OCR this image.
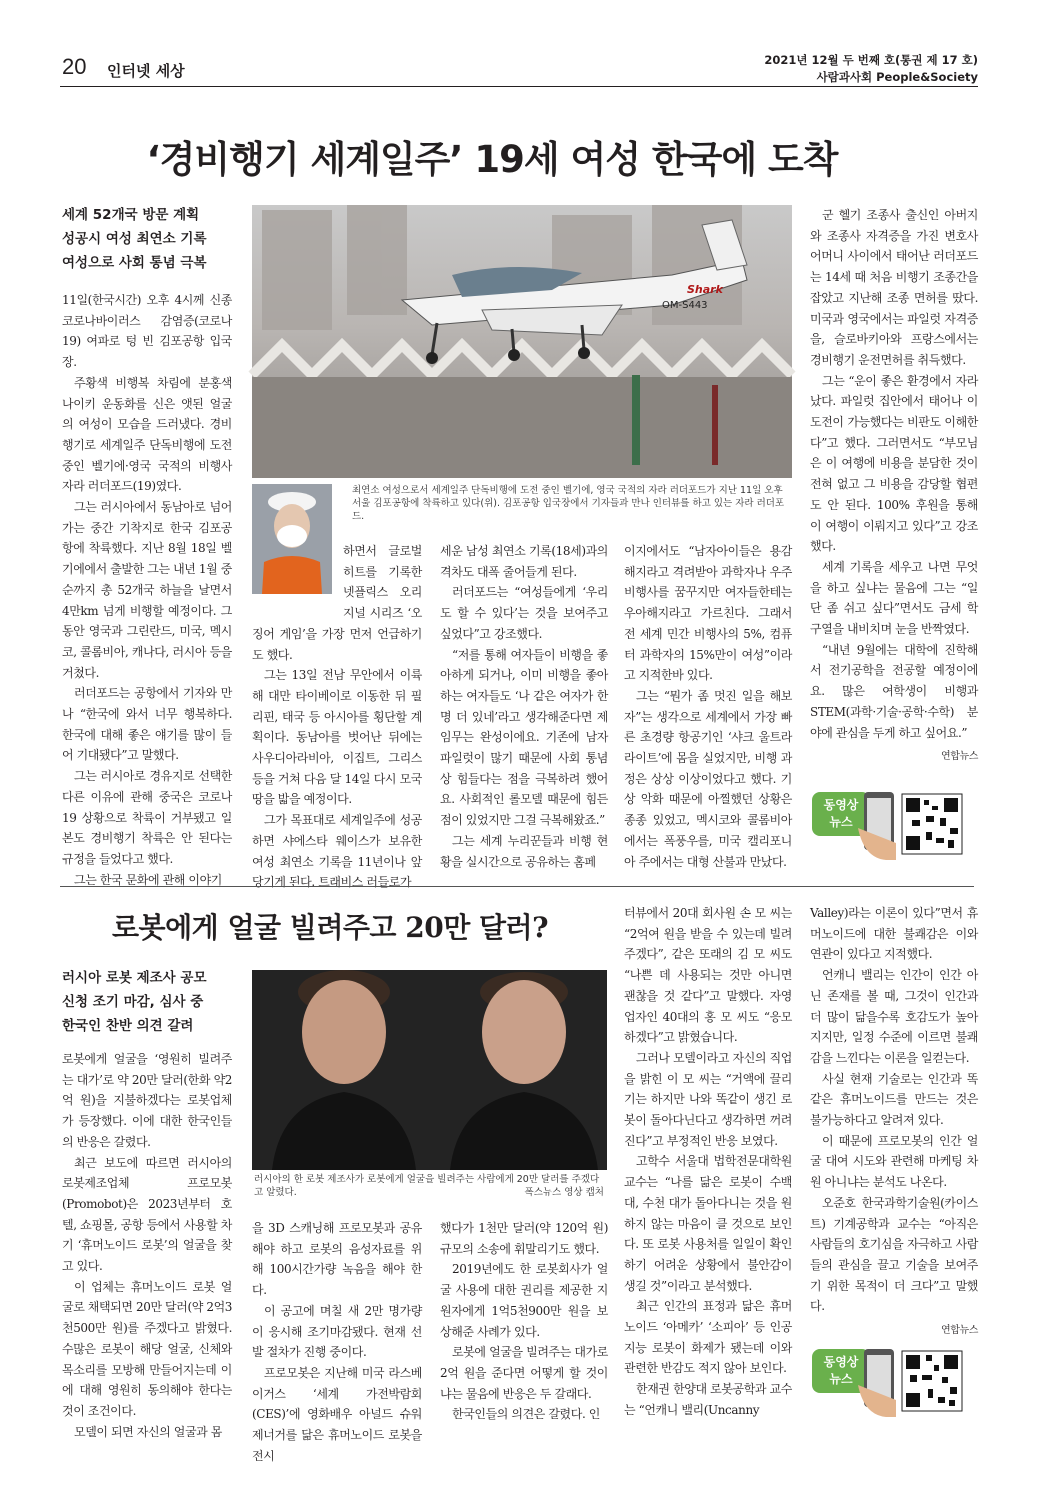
20 인터넷 세상
2021년 12월 두 번째 호(통권 제 17 호)
사람과사회 People&Society
‘경비행기 세계일주’ 19세 여성 한국에 도착
세계 52개국 방문 계획
성공시 여성 최연소 기록
여성으로 사회 통념 극복

11일(한국시간) 오후 4시께 신종 코로나바이러스 감염증(코로나19) 여파로 텅 빈 김포공항 입국장.

주황색 비행복 차림에 분홍색 나이키 운동화를 신은 앳된 얼굴의 여성이 모습을 드러냈다. 경비행기로 세계일주 단독비행에 도전 중인 벨기에·영국 국적의 비행사 자라 러더포드(19)였다.

그는 러시아에서 동남아로 넘어가는 중간 기착지로 한국 김포공항에 착륙했다. 지난 8월 18일 벨기에에서 출발한 그는 내년 1월 중순까지 총 52개국 하늘을 날면서 4만km 넘게 비행할 예정이다. 그동안 영국과 그린란드, 미국, 멕시코, 콜롬비아, 캐나다, 러시아 등을 거쳤다.

러더포드는 공항에서 기자와 만나 “한국에 와서 너무 행복하다. 한국에 대해 좋은 얘기를 많이 들어 기대됐다”고 말했다.

그는 러시아로 경유지로 선택한 다른 이유에 관해 중국은 코로나19 상황으로 착륙이 거부됐고 일본도 경비행기 착륙은 안 된다는 규정을 들었다고 했다.

그는 한국 문화에 관해 이야기

Shark
OM-S443
최연소 여성으로서 세계일주 단독비행에 도전 중인 벨기에, 영국 국적의 자라 러더포드가 지난 11일 오후 서울 김포공항에 착륙하고 있다(위). 김포공항 입국장에서 기자들과 만나 인터뷰를 하고 있는 자라 러더포드.

하면서 글로벌 히트를 기록한 넷플릭스 오리지널 시리즈 ‘오징어 게임’을 가장 먼저 언급하기도 했다.

그는 13일 전남 무안에서 이륙해 대만 타이베이로 이동한 뒤 필리핀, 태국 등 아시아를 횡단할 계획이다. 동남아를 벗어난 뒤에는 사우디아라비아, 이집트, 그리스 등을 거쳐 다음 달 14일 다시 모국 땅을 밟을 예정이다.

그가 목표대로 세계일주에 성공하면 샤에스타 웨이스가 보유한 여성 최연소 기록을 11년이나 앞당기게 된다. 트래비스 러들로가

세운 남성 최연소 기록(18세)과의 격차도 대폭 줄어들게 된다.

러더포드는 “여성들에게 ‘우리도 할 수 있다’는 것을 보여주고 싶었다”고 강조했다.

“저를 통해 여자들이 비행을 좋아하게 되거나, 이미 비행을 좋아하는 여자들도 ‘나 같은 여자가 한 명 더 있네’라고 생각해준다면 제 임무는 완성이에요. 기존에 남자 파일럿이 많기 때문에 사회 통념상 힘들다는 점을 극복하려 했어요. 사회적인 롤모델 때문에 힘든 점이 있었지만 그걸 극복해왔죠.”

그는 세계 누리꾼들과 비행 현황을 실시간으로 공유하는 홈페

이지에서도 “남자아이들은 용감해지라고 격려받아 과학자나 우주 비행사를 꿈꾸지만 여자들한테는 우아해지라고 가르친다. 그래서 전 세계 민간 비행사의 5%, 컴퓨터 과학자의 15%만이 여성”이라고 지적한바 있다.

그는 “뭔가 좀 멋진 일을 해보자”는 생각으로 세계에서 가장 빠른 초경량 항공기인 ‘샤크 울트라라이트’에 몸을 실었지만, 비행 과정은 상상 이상이었다고 했다. 기상 악화 때문에 아찔했던 상황은 종종 있었고, 멕시코와 콜롬비아에서는 폭풍우를, 미국 캘리포니아 주에서는 대형 산불과 만났다.

군 헬기 조종사 출신인 아버지와 조종사 자격증을 가진 변호사 어머니 사이에서 태어난 러더포드는 14세 때 처음 비행기 조종간을 잡았고 지난해 조종 면허를 땄다. 미국과 영국에서는 파일럿 자격증을, 슬로바키아와 프랑스에서는 경비행기 운전면허를 취득했다.

그는 “운이 좋은 환경에서 자라났다. 파일럿 집안에서 태어나 이 도전이 가능했다는 비판도 이해한다”고 했다. 그러면서도 “부모님은 이 여행에 비용을 분담한 것이 전혀 없고 그 비용을 감당할 협편도 안 된다. 100% 후원을 통해 이 여행이 이뤄지고 있다”고 강조했다.

세계 기록을 세우고 나면 무엇을 하고 싶냐는 물음에 그는 “일단 좀 쉬고 싶다”면서도 금세 학구열을 내비치며 눈을 반짝였다.

“내년 9월에는 대학에 진학해서 전기공학을 전공할 예정이에요. 많은 여학생이 비행과 STEM(과학·기술·공학·수학) 분야에 관심을 두게 하고 싶어요.”

연합뉴스
동영상
뉴스
로봇에게 얼굴 빌려주고 20만 달러?
러시아 로봇 제조사 공모
신청 조기 마감, 심사 중
한국인 찬반 의견 갈려

로봇에게 얼굴을 ‘영원히 빌려주는 대가’로 약 20만 달러(한화 약2억 원)을 지불하겠다는 로봇업체가 등장했다. 이에 대한 한국인들의 반응은 갈렸다.

최근 보도에 따르면 러시아의 로봇제조업체 프로모봇(Promobot)은 2023년부터 호텔, 쇼핑몰, 공항 등에서 사용할 차기 ‘휴머노이드 로봇’의 얼굴을 찾고 있다.

이 업체는 휴머노이드 로봇 얼굴로 채택되면 20만 달러(약 2억3천500만 원)를 주겠다고 밝혔다. 수많은 로봇이 해당 얼굴, 신체와 목소리를 모방해 만들어지는데 이에 대해 영원히 동의해야 한다는 것이 조건이다.

모델이 되면 자신의 얼굴과 몸

러시아의 한 로봇 제조사가 로봇에게 얼굴을 빌려주는 사람에게 20만 달러를 주겠다고 알렸다.	폭스뉴스 영상 캡처

을 3D 스캐닝해 프로모봇과 공유해야 하고 로봇의 음성자료를 위해 100시간가량 녹음을 해야 한다.

이 공고에 며칠 새 2만 명가량이 응시해 조기마감됐다. 현재 선발 절차가 진행 중이다.

프로모봇은 지난해 미국 라스베이거스 ‘세계 가전박람회(CES)’에 영화배우 아널드 슈워제너거를 닮은 휴머노이드 로봇을 전시

했다가 1천만 달러(약 120억 원) 규모의 소송에 휘말리기도 했다.

2019년에도 한 로봇회사가 얼굴 사용에 대한 권리를 제공한 지원자에게 1억5천900만 원을 보상해준 사례가 있다.

로봇에 얼굴을 빌려주는 대가로 2억 원을 준다면 어떻게 할 것이냐는 물음에 반응은 두 갈래다.

한국인들의 의견은 갈렸다. 인

터뷰에서 20대 회사원 손 모 씨는 “2억여 원을 받을 수 있는데 빌려주겠다”, 같은 또래의 김 모 씨도 “나쁜 데 사용되는 것만 아니면 괜찮을 것 같다”고 말했다. 자영업자인 40대의 홍 모 씨도 “응모하겠다”고 밝혔습니다.

그러나 모델이라고 자신의 직업을 밝힌 이 모 씨는 “거액에 끌리기는 하지만 나와 똑같이 생긴 로봇이 돌아다닌다고 생각하면 꺼려진다”고 부정적인 반응 보였다.

고학수 서울대 법학전문대학원 교수는 “나를 닮은 로봇이 수백 대, 수천 대가 돌아다니는 것을 원하지 않는 마음이 클 것으로 보인다. 또 로봇 사용처를 일일이 확인하기 어려운 상황에서 불안감이 생길 것”이라고 분석했다.

최근 인간의 표정과 닮은 휴머노이드 ‘아메카’ ‘소피아’ 등 인공지능 로봇이 화제가 됐는데 이와 관련한 반감도 적지 않아 보인다.

한재권 한양대 로봇공학과 교수는 “언캐니 밸리(Uncanny

Valley)라는 이론이 있다”면서 휴머노이드에 대한 불쾌감은 이와 연관이 있다고 지적했다.

언캐니 밸리는 인간이 인간 아닌 존재를 볼 때, 그것이 인간과 더 많이 닮을수록 호감도가 높아지지만, 일정 수준에 이르면 불쾌감을 느낀다는 이론을 일컫는다.

사실 현재 기술로는 인간과 똑같은 휴머노이드를 만드는 것은 불가능하다고 알려져 있다.

이 때문에 프로모봇의 인간 얼굴 대여 시도와 관련해 마케팅 차원 아니냐는 분석도 나온다.

오준호 한국과학기술원(카이스트) 기계공학과 교수는 “아직은 사람들의 호기심을 자극하고 사람들의 관심을 끌고 기술을 보여주기 위한 목적이 더 크다”고 말했다.

연합뉴스
동영상
뉴스
